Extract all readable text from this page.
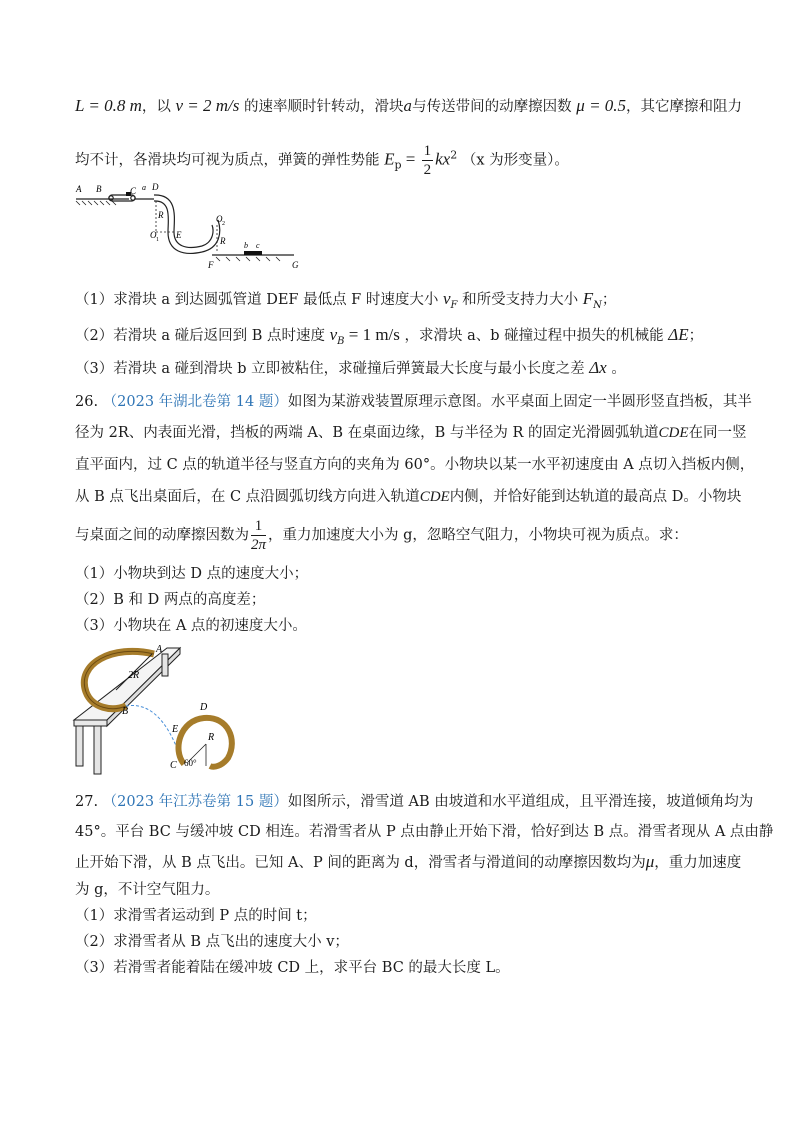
L = 0.8 m，以 v = 2 m/s 的速率顺时针转动，滑块a与传送带间的动摩擦因数 μ = 0.5，其它摩擦和阻力
均不计，各滑块均可视为质点，弹簧的弹性势能 $E_p = \frac{1}{2} kx^2$ （x 为形变量）。
A B	C a D
R
O 1 E
O 2
R
F
b c
G
（1）求滑块 a 到达圆弧管道 DEF 最低点 F 时速度大小 $v_F$ 和所受支持力大小 $F_N$；
（2）若滑块 a 碰后返回到 B 点时速度 $v_B = 1$ m/s ，求滑块 a、b 碰撞过程中损失的机械能 ΔE；
（3）若滑块 a 碰到滑块 b 立即被粘住，求碰撞后弹簧最大长度与最小长度之差 Δx 。
26. （2023 年湖北卷第 14 题）如图为某游戏装置原理示意图。水平桌面上固定一半圆形竖直挡板，其半
径为 2R、内表面光滑，挡板的两端 A、B 在桌面边缘，B 与半径为 R 的固定光滑圆弧轨道CDE在同一竖
直平面内，过 C 点的轨道半径与竖直方向的夹角为 60°。小物块以某一水平初速度由 A 点切入挡板内侧，
从 B 点飞出桌面后，在 C 点沿圆弧切线方向进入轨道CDE内侧，并恰好能到达轨道的最高点 D。小物块
与桌面之间的动摩擦因数为 $\frac{1}{2\pi}$ ，重力加速度大小为 g，忽略空气阻力，小物块可视为质点。求：
（1）小物块到达 D 点的速度大小；
（2）B 和 D 两点的高度差；
（3）小物块在 A 点的初速度大小。
A
2R
B	D
E
R
C 60°
27. （2023 年江苏卷第 15 题）如图所示，滑雪道 AB 由坡道和水平道组成，且平滑连接，坡道倾角均为
45°。平台 BC 与缓冲坡 CD 相连。若滑雪者从 P 点由静止开始下滑，恰好到达 B 点。滑雪者现从 A 点由静
止开始下滑，从 B 点飞出。已知 A、P 间的距离为 d，滑雪者与滑道间的动摩擦因数均为μ，重力加速度
为 g，不计空气阻力。
（1）求滑雪者运动到 P 点的时间 t；
（2）求滑雪者从 B 点飞出的速度大小 v；
（3）若滑雪者能着陆在缓冲坡 CD 上，求平台 BC 的最大长度 L。
